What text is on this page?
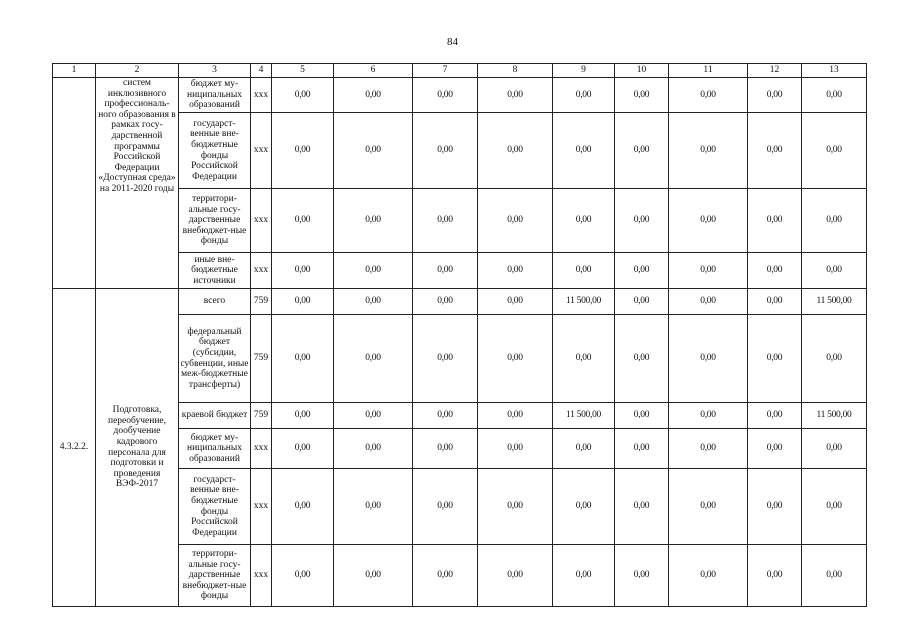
84
1	2	3	4	5	6	7	8	9	10	11	12	13
	систем инклюзивного профессиональ-ного образования в рамках госу-дарственной программы Российской Федерации «Доступная среда» на 2011-2020 годы	бюджет му-ниципальных образований	ххх	0,00	0,00	0,00	0,00	0,00	0,00	0,00	0,00	0,00
		государст-венные вне-бюджетные фонды Российской Федерации	ххх	0,00	0,00	0,00	0,00	0,00	0,00	0,00	0,00	0,00
		территори-альные госу-дарственные внебюджет-ные фонды	ххх	0,00	0,00	0,00	0,00	0,00	0,00	0,00	0,00	0,00
		иные вне-бюджетные источники	ххх	0,00	0,00	0,00	0,00	0,00	0,00	0,00	0,00	0,00
4.3.2.2.	Подготовка, переобучение, дообучение кадрового персонала для подготовки и проведения ВЭФ-2017	всего	759	0,00	0,00	0,00	0,00	11 500,00	0,00	0,00	0,00	11 500,00
		федеральный бюджет (субсидии, субвенции, иные меж-бюджетные трансферты)	759	0,00	0,00	0,00	0,00	0,00	0,00	0,00	0,00	0,00
		краевой бюджет	759	0,00	0,00	0,00	0,00	11 500,00	0,00	0,00	0,00	11 500,00
		бюджет му-ниципальных образований	ххх	0,00	0,00	0,00	0,00	0,00	0,00	0,00	0,00	0,00
		государст-венные вне-бюджетные фонды Российской Федерации	ххх	0,00	0,00	0,00	0,00	0,00	0,00	0,00	0,00	0,00
		территори-альные госу-дарственные внебюджет-ные фонды	ххх	0,00	0,00	0,00	0,00	0,00	0,00	0,00	0,00	0,00
